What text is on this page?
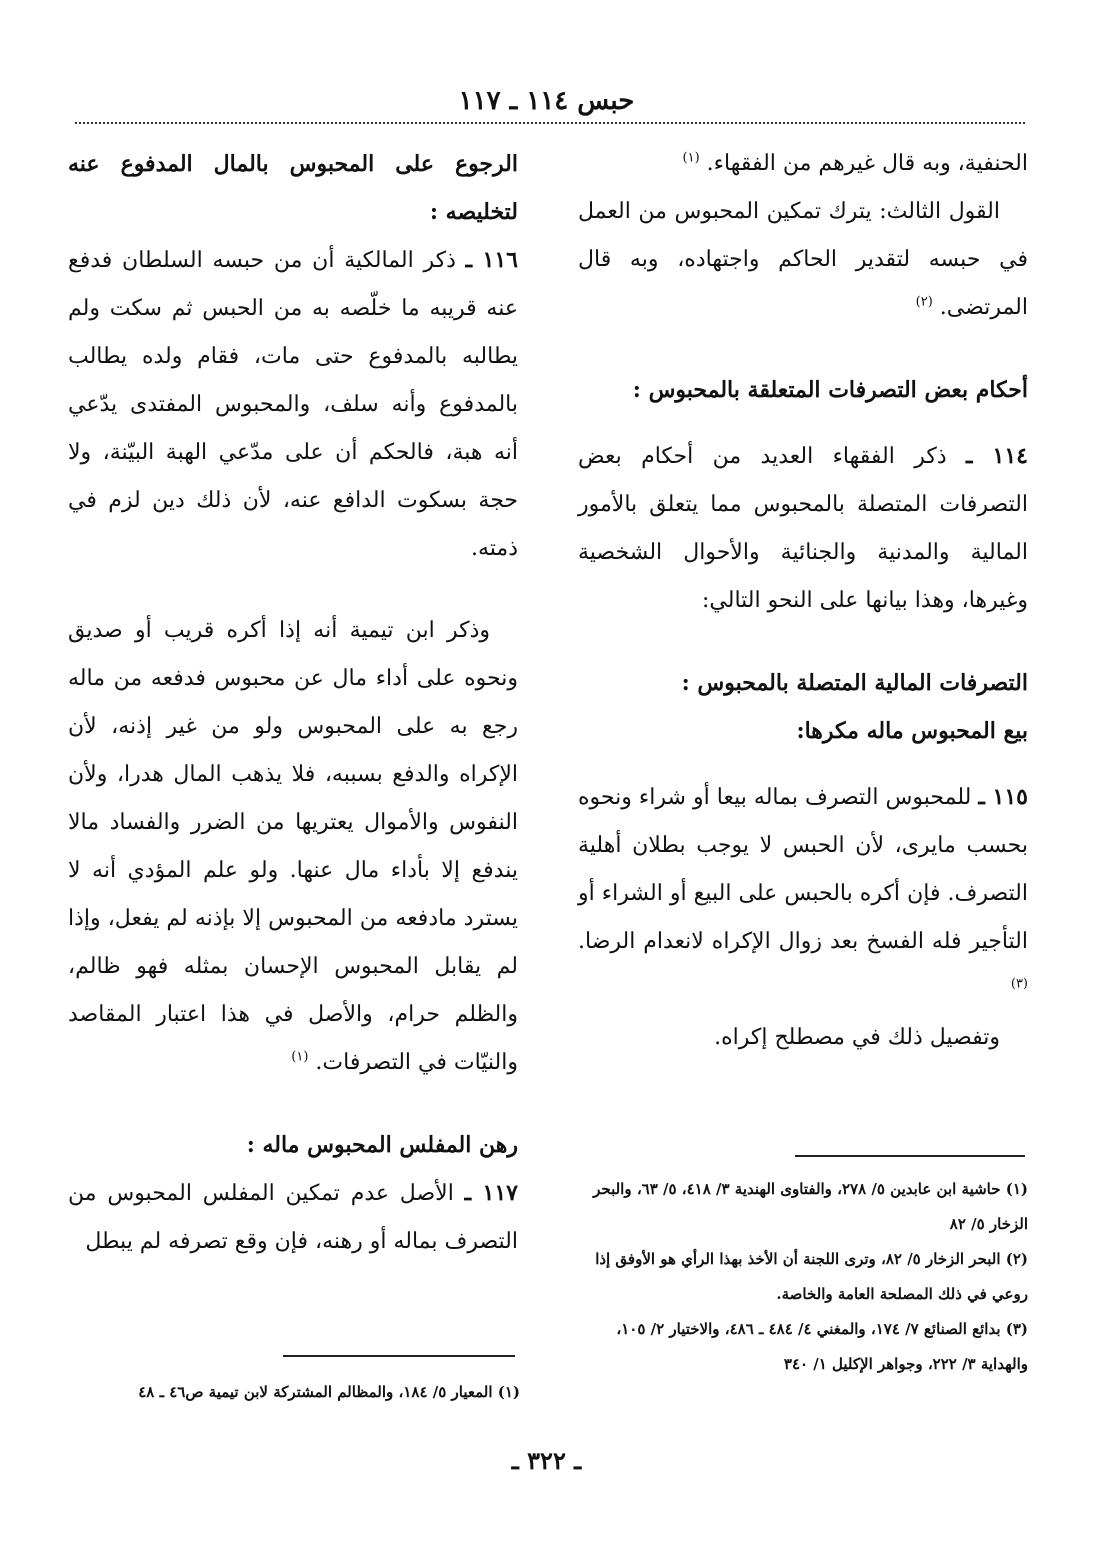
حبس ١١٤ ـ ١١٧

الحنفية، وبه قال غيرهم من الفقهاء. $^{(١)}$

القول الثالث: يترك تمكين المحبوس من العمل في حبسه لتقدير الحاكم واجتهاده، وبه قال المرتضى. $^{(٢)}$

أحكام بعض التصرفات المتعلقة بالمحبوس :

١١٤ ـ ذكر الفقهاء العديد من أحكام بعض التصرفات المتصلة بالمحبوس مما يتعلق بالأمور المالية والمدنية والجنائية والأحوال الشخصية وغيرها، وهذا بيانها على النحو التالي:

التصرفات المالية المتصلة بالمحبوس :

بيع المحبوس ماله مكرها:

١١٥ ـ للمحبوس التصرف بماله بيعا أو شراء ونحوه بحسب مايرى، لأن الحبس لا يوجب بطلان أهلية التصرف. فإن أكره بالحبس على البيع أو الشراء أو التأجير فله الفسخ بعد زوال الإكراه لانعدام الرضا. $^{(٣)}$

وتفصيل ذلك في مصطلح إكراه.

الرجوع على المحبوس بالمال المدفوع عنه لتخليصه :

١١٦ ـ ذكر المالكية أن من حبسه السلطان فدفع عنه قريبه ما خلّصه به من الحبس ثم سكت ولم يطالبه بالمدفوع حتى مات، فقام ولده يطالب بالمدفوع وأنه سلف، والمحبوس المفتدى يدّعي أنه هبة، فالحكم أن على مدّعي الهبة البيّنة، ولا حجة بسكوت الدافع عنه، لأن ذلك دين لزم في ذمته.

وذكر ابن تيمية أنه إذا أكره قريب أو صديق ونحوه على أداء مال عن محبوس فدفعه من ماله رجع به على المحبوس ولو من غير إذنه، لأن الإكراه والدفع بسببه، فلا يذهب المال هدرا، ولأن النفوس والأموال يعتريها من الضرر والفساد مالا يندفع إلا بأداء مال عنها. ولو علم المؤدي أنه لا يسترد مادفعه من المحبوس إلا بإذنه لم يفعل، وإذا لم يقابل المحبوس الإحسان بمثله فهو ظالم، والظلم حرام، والأصل في هذا اعتبار المقاصد والنيّات في التصرفات. $^{(١)}$

رهن المفلس المحبوس ماله :

١١٧ ـ الأصل عدم تمكين المفلس المحبوس من التصرف بماله أو رهنه، فإن وقع تصرفه لم يبطل

(١) حاشية ابن عابدين ٥/ ٢٧٨، والفتاوى الهندية ٣/ ٤١٨، ٥/ ٦٣، والبحر الزخار ٥/ ٨٢

(٢) البحر الزخار ٥/ ٨٢، وترى اللجنة أن الأخذ بهذا الرأي هو الأوفق إذا روعي في ذلك المصلحة العامة والخاصة.

(٣) بدائع الصنائع ٧/ ١٧٤، والمغني ٤/ ٤٨٤ ـ ٤٨٦، والاختيار ٢/ ١٠٥، والهداية ٣/ ٢٢٢، وجواهر الإكليل ١/ ٣٤٠

(١) المعيار ٥/ ١٨٤، والمظالم المشتركة لابن تيمية ص٤٦ ـ ٤٨

ـ ٣٢٢ ـ
